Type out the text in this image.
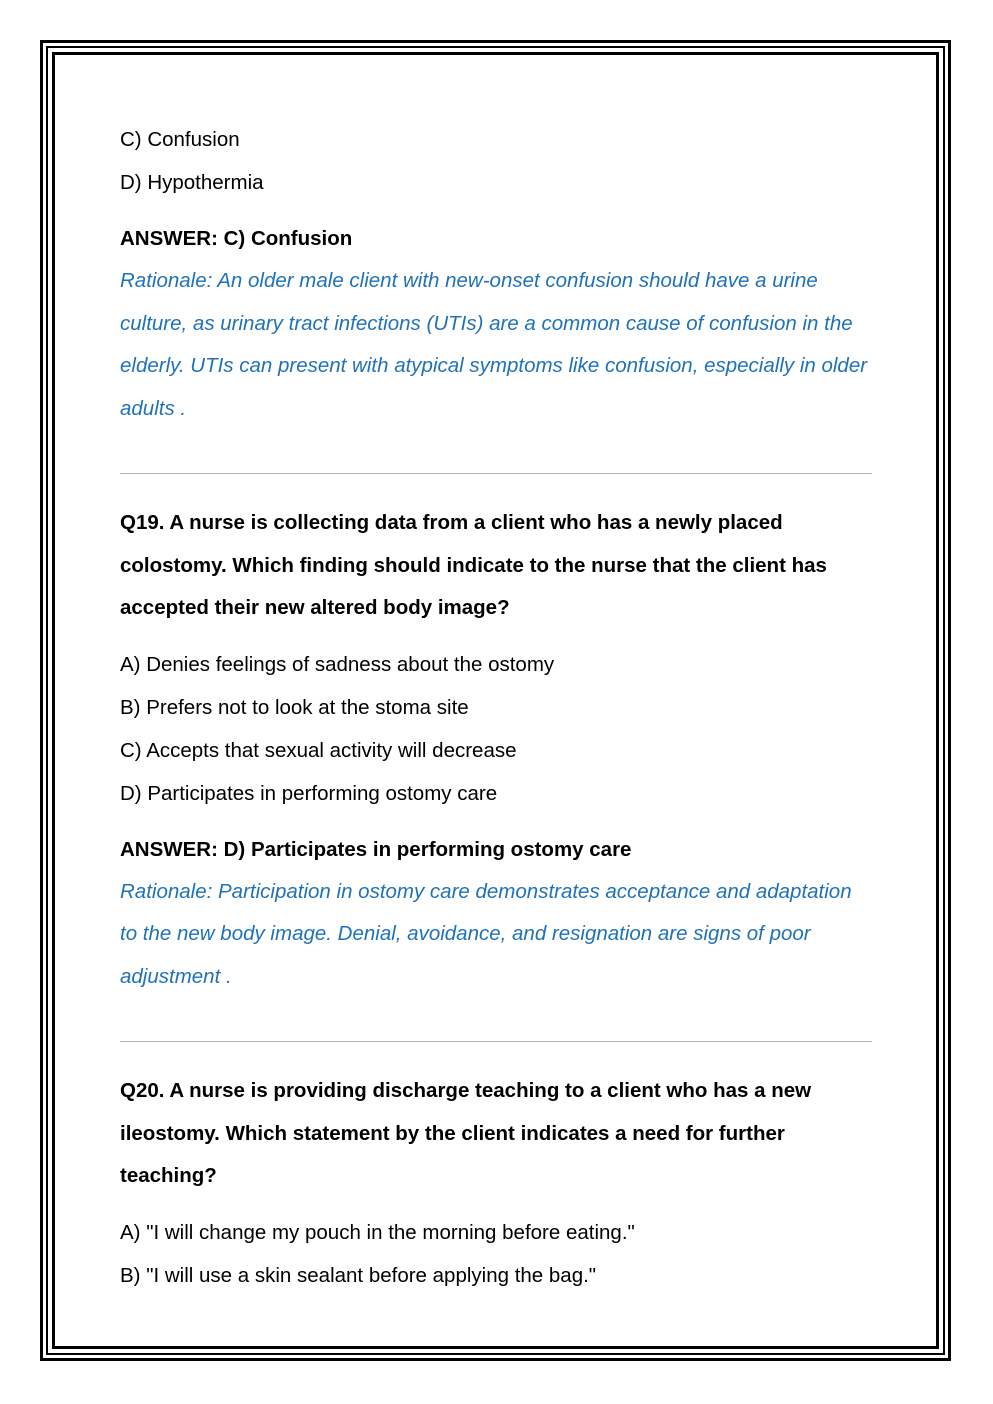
C) Confusion

D) Hypothermia

ANSWER: C) Confusion

Rationale: An older male client with new-onset confusion should have a urine culture, as urinary tract infections (UTIs) are a common cause of confusion in the elderly. UTIs can present with atypical symptoms like confusion, especially in older adults .

Q19. A nurse is collecting data from a client who has a newly placed colostomy. Which finding should indicate to the nurse that the client has accepted their new altered body image?

A) Denies feelings of sadness about the ostomy

B) Prefers not to look at the stoma site

C) Accepts that sexual activity will decrease

D) Participates in performing ostomy care

ANSWER: D) Participates in performing ostomy care

Rationale: Participation in ostomy care demonstrates acceptance and adaptation to the new body image. Denial, avoidance, and resignation are signs of poor adjustment .

Q20. A nurse is providing discharge teaching to a client who has a new ileostomy. Which statement by the client indicates a need for further teaching?

A) "I will change my pouch in the morning before eating."

B) "I will use a skin sealant before applying the bag."
